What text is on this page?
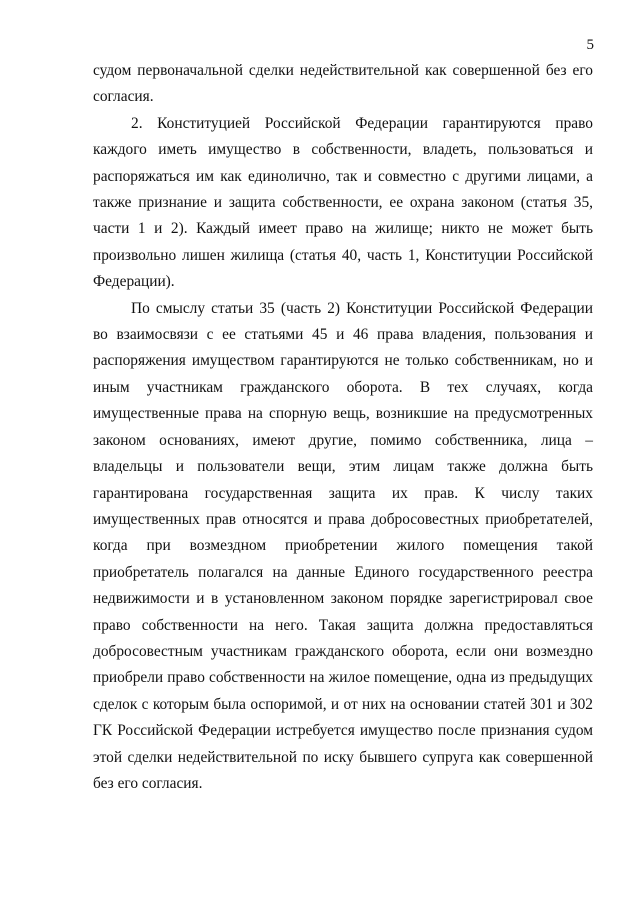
5

судом первоначальной сделки недействительной как совершенной без его согласия.

2. Конституцией Российской Федерации гарантируются право каждого иметь имущество в собственности, владеть, пользоваться и распоряжаться им как единолично, так и совместно с другими лицами, а также признание и защита собственности, ее охрана законом (статья 35, части 1 и 2). Каждый имеет право на жилище; никто не может быть произвольно лишен жилища (статья 40, часть 1, Конституции Российской Федерации).

По смыслу статьи 35 (часть 2) Конституции Российской Федерации во взаимосвязи с ее статьями 45 и 46 права владения, пользования и распоряжения имуществом гарантируются не только собственникам, но и иным участникам гражданского оборота. В тех случаях, когда имущественные права на спорную вещь, возникшие на предусмотренных законом основаниях, имеют другие, помимо собственника, лица – владельцы и пользователи вещи, этим лицам также должна быть гарантирована государственная защита их прав. К числу таких имущественных прав относятся и права добросовестных приобретателей, когда при возмездном приобретении жилого помещения такой приобретатель полагался на данные Единого государственного реестра недвижимости и в установленном законом порядке зарегистрировал свое право собственности на него. Такая защита должна предоставляться добросовестным участникам гражданского оборота, если они возмездно приобрели право собственности на жилое помещение, одна из предыдущих сделок с которым была оспоримой, и от них на основании статей 301 и 302 ГК Российской Федерации истребуется имущество после признания судом этой сделки недействительной по иску бывшего супруга как совершенной без его согласия.
